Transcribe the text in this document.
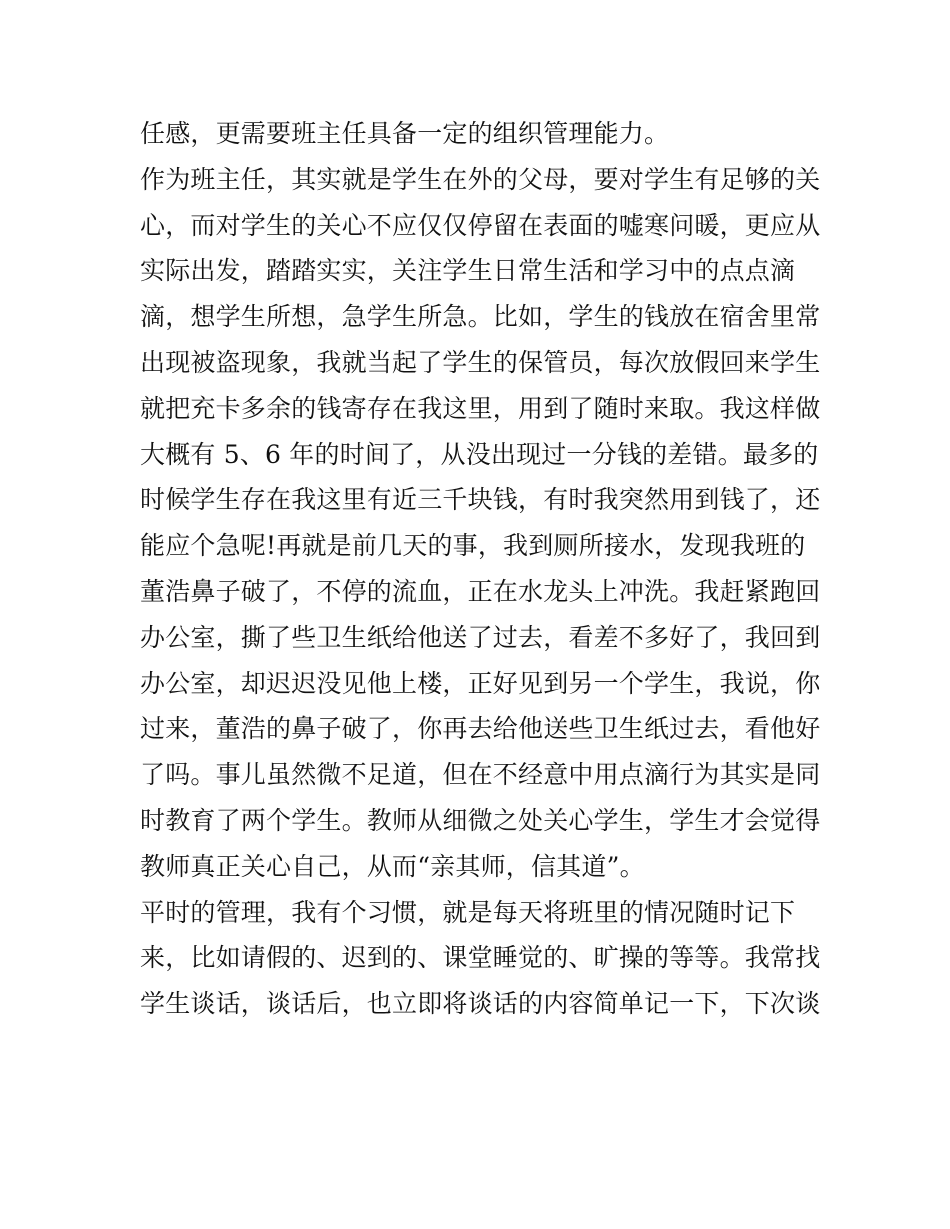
任感，更需要班主任具备一定的组织管理能力。
作为班主任，其实就是学生在外的父母，要对学生有足够的关
心，而对学生的关心不应仅仅停留在表面的嘘寒问暖，更应从
实际出发，踏踏实实，关注学生日常生活和学习中的点点滴
滴，想学生所想，急学生所急。比如，学生的钱放在宿舍里常
出现被盗现象，我就当起了学生的保管员，每次放假回来学生
就把充卡多余的钱寄存在我这里，用到了随时来取。我这样做
大概有 5、6 年的时间了，从没出现过一分钱的差错。最多的
时候学生存在我这里有近三千块钱，有时我突然用到钱了，还
能应个急呢!再就是前几天的事，我到厕所接水，发现我班的
董浩鼻子破了，不停的流血，正在水龙头上冲洗。我赶紧跑回
办公室，撕了些卫生纸给他送了过去，看差不多好了，我回到
办公室，却迟迟没见他上楼，正好见到另一个学生，我说，你
过来，董浩的鼻子破了，你再去给他送些卫生纸过去，看他好
了吗。事儿虽然微不足道，但在不经意中用点滴行为其实是同
时教育了两个学生。教师从细微之处关心学生，学生才会觉得
教师真正关心自己，从而“亲其师，信其道”。
平时的管理，我有个习惯，就是每天将班里的情况随时记下
来，比如请假的、迟到的、课堂睡觉的、旷操的等等。我常找
学生谈话，谈话后，也立即将谈话的内容简单记一下，下次谈
